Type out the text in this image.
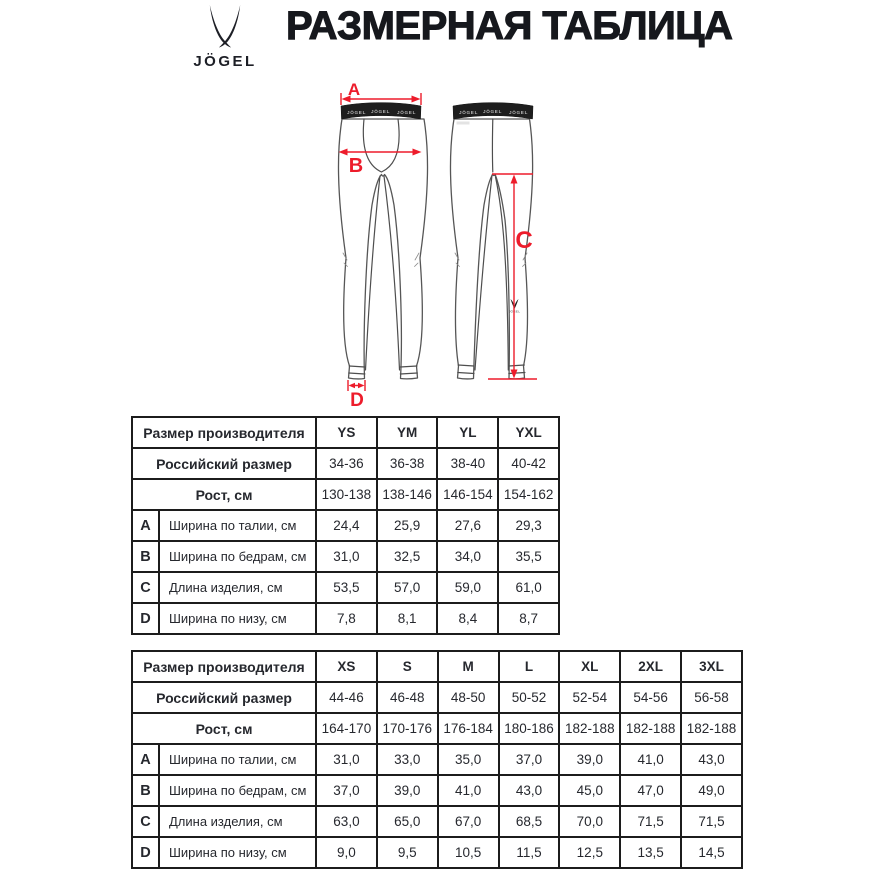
JÖGEL
РАЗМЕРНАЯ ТАБЛИЦА
JÖGEL JÖGEL JÖGEL	JÖGEL JÖGEL JÖGEL
JÖGEL
A
B
C
D
Размер производителя		YS	YM	YL	YXL
Российский размер		34-36	36-38	38-40	40-42
Рост, см		130-138	138-146	146-154	154-162
A	Ширина по талии, см	24,4	25,9	27,6	29,3
B	Ширина по бедрам, см	31,0	32,5	34,0	35,5
C	Длина изделия, см	53,5	57,0	59,0	61,0
D	Ширина по низу, см	7,8	8,1	8,4	8,7
Размер производителя		XS	S	M	L	XL	2XL	3XL
Российский размер		44-46	46-48	48-50	50-52	52-54	54-56	56-58
Рост, см		164-170	170-176	176-184	180-186	182-188	182-188	182-188
A	Ширина по талии, см	31,0	33,0	35,0	37,0	39,0	41,0	43,0
B	Ширина по бедрам, см	37,0	39,0	41,0	43,0	45,0	47,0	49,0
C	Длина изделия, см	63,0	65,0	67,0	68,5	70,0	71,5	71,5
D	Ширина по низу, см	9,0	9,5	10,5	11,5	12,5	13,5	14,5
